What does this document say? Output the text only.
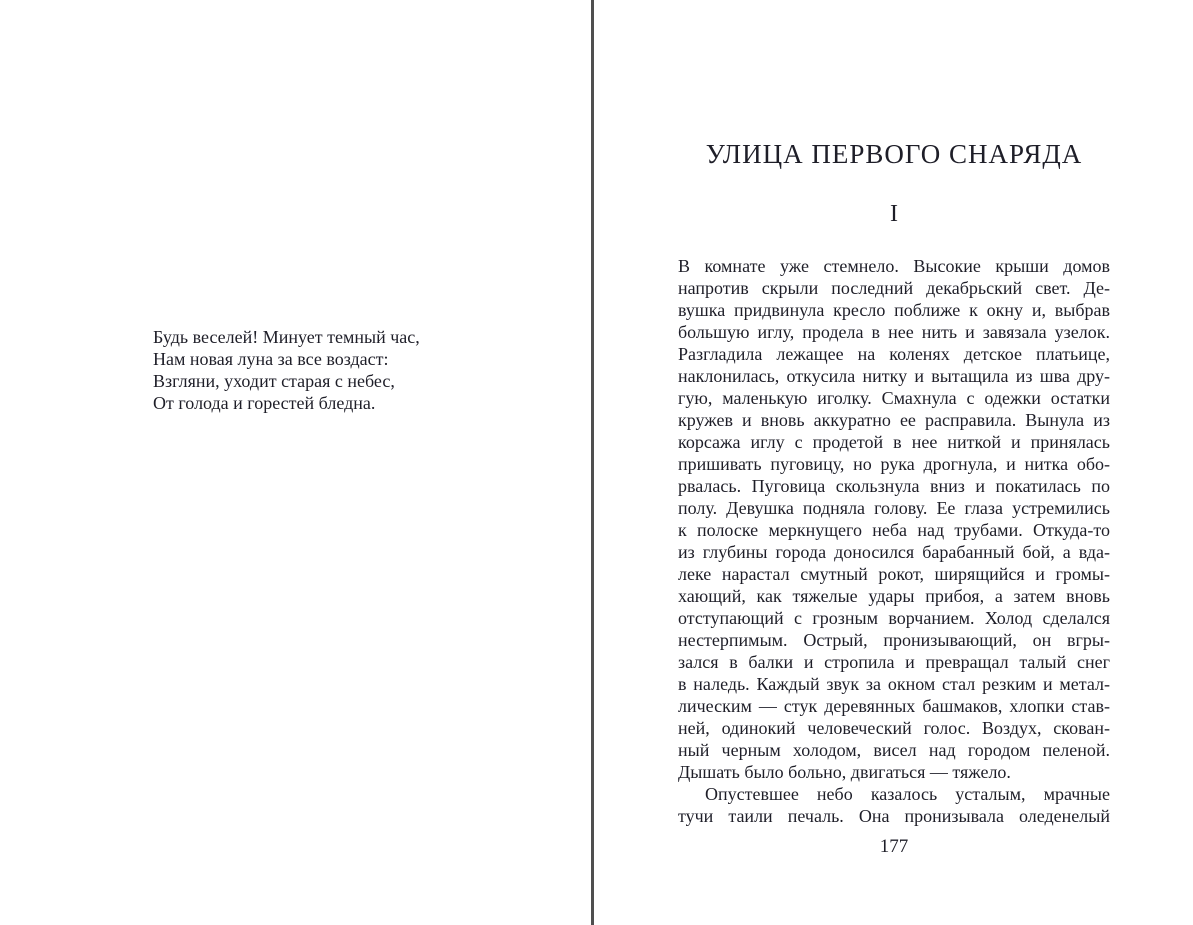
Будь веселей! Минует темный час,
Нам новая луна за все воздаст:
Взгляни, уходит старая с небес,
От голода и горестей бледна.
УЛИЦА ПЕРВОГО СНАРЯДА
I
В комнате уже стемнело. Высокие крыши домов
напротив скрыли последний декабрьский свет. Де-
вушка придвинула кресло поближе к окну и, выбрав
большую иглу, продела в нее нить и завязала узелок.
Разгладила лежащее на коленях детское платьице,
наклонилась, откусила нитку и вытащила из шва дру-
гую, маленькую иголку. Смахнула с одежки остатки
кружев и вновь аккуратно ее расправила. Вынула из
корсажа иглу с продетой в нее ниткой и принялась
пришивать пуговицу, но рука дрогнула, и нитка обо-
рвалась. Пуговица скользнула вниз и покатилась по
полу. Девушка подняла голову. Ее глаза устремились
к полоске меркнущего неба над трубами. Откуда-то
из глубины города доносился барабанный бой, а вда-
леке нарастал смутный рокот, ширящийся и громы-
хающий, как тяжелые удары прибоя, а затем вновь
отступающий с грозным ворчанием. Холод сделался
нестерпимым. Острый, пронизывающий, он вгры-
зался в балки и стропила и превращал талый снег
в наледь. Каждый звук за окном стал резким и метал-
лическим — стук деревянных башмаков, хлопки став-
ней, одинокий человеческий голос. Воздух, скован-
ный черным холодом, висел над городом пеленой.
Дышать было больно, двигаться — тяжело.
Опустевшее небо казалось усталым, мрачные
тучи таили печаль. Она пронизывала оледенелый
177
